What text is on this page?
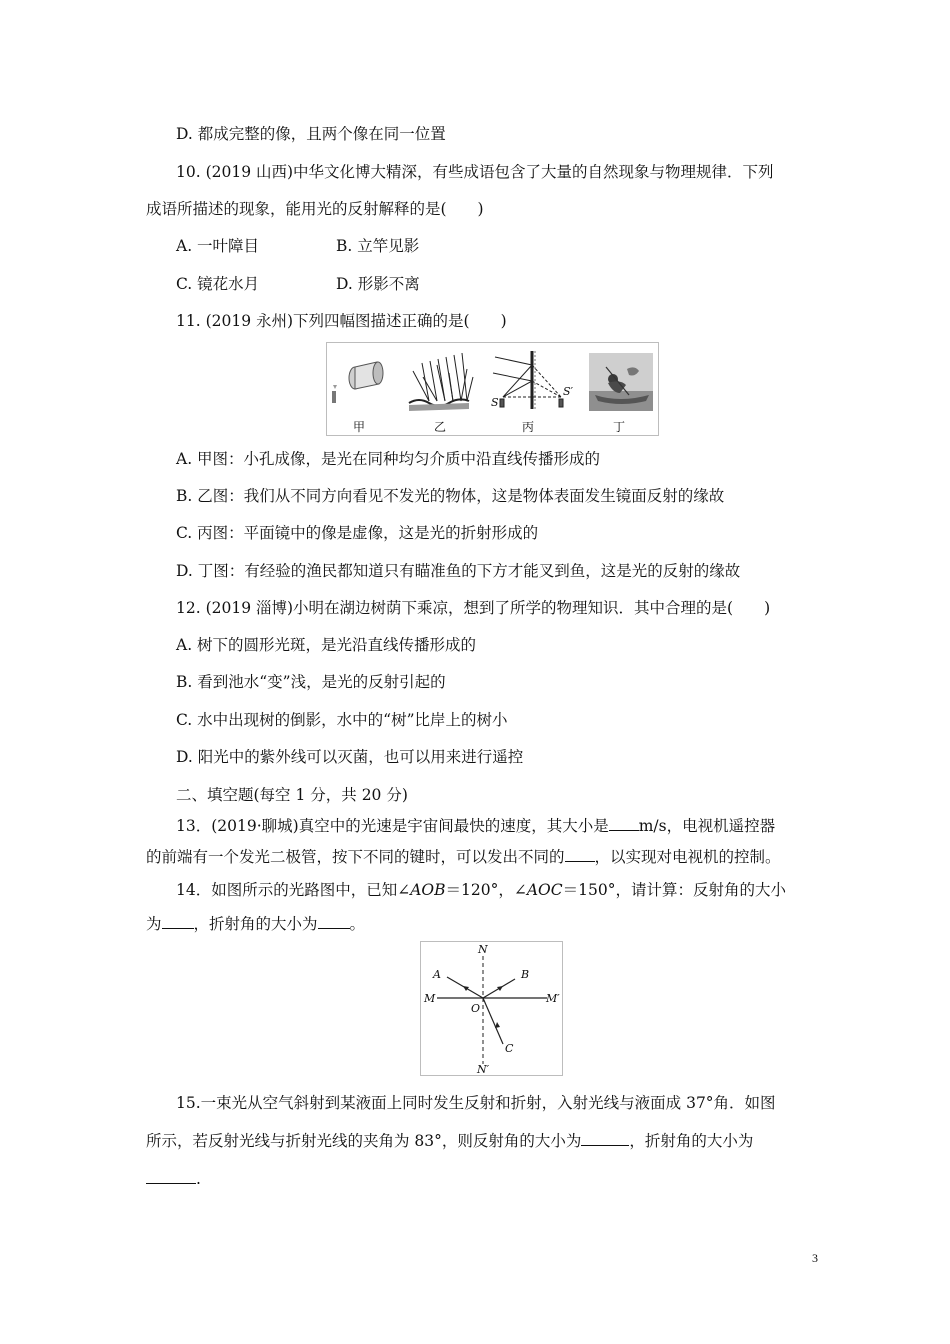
D. 都成完整的像，且两个像在同一位置
10. (2019 山西)中华文化博大精深，有些成语包含了大量的自然现象与物理规律．下列
成语所描述的现象，能用光的反射解释的是(　　)
A. 一叶障目	B. 立竿见影
C. 镜花水月	D. 形影不离
11. (2019 永州)下列四幅图描述正确的是(　　)
S
S′
甲	乙	丙	丁
A. 甲图：小孔成像，是光在同种均匀介质中沿直线传播形成的
B. 乙图：我们从不同方向看见不发光的物体，这是物体表面发生镜面反射的缘故
C. 丙图：平面镜中的像是虚像，这是光的折射形成的
D. 丁图：有经验的渔民都知道只有瞄准鱼的下方才能叉到鱼，这是光的反射的缘故
12. (2019 淄博)小明在湖边树荫下乘凉，想到了所学的物理知识．其中合理的是(　　)
A. 树下的圆形光斑，是光沿直线传播形成的
B. 看到池水“变”浅，是光的反射引起的
C. 水中出现树的倒影，水中的“树”比岸上的树小
D. 阳光中的紫外线可以灭菌，也可以用来进行遥控
二、填空题(每空 1 分，共 20 分)
13．(2019·聊城)真空中的光速是宇宙间最快的速度，其大小是 m/s，电视机遥控器
的前端有一个发光二极管，按下不同的键时，可以发出不同的 ，以实现对电视机的控制。
14．如图所示的光路图中，已知∠AOB＝120°，∠AOC＝150°，请计算：反射角的大小
为 ，折射角的大小为 。
N
N′
M	M′
A	B
C
O
15.一束光从空气斜射到某液面上同时发生反射和折射，入射光线与液面成 37°角．如图
所示，若反射光线与折射光线的夹角为 83°，则反射角的大小为	，折射角的大小为
.
3
